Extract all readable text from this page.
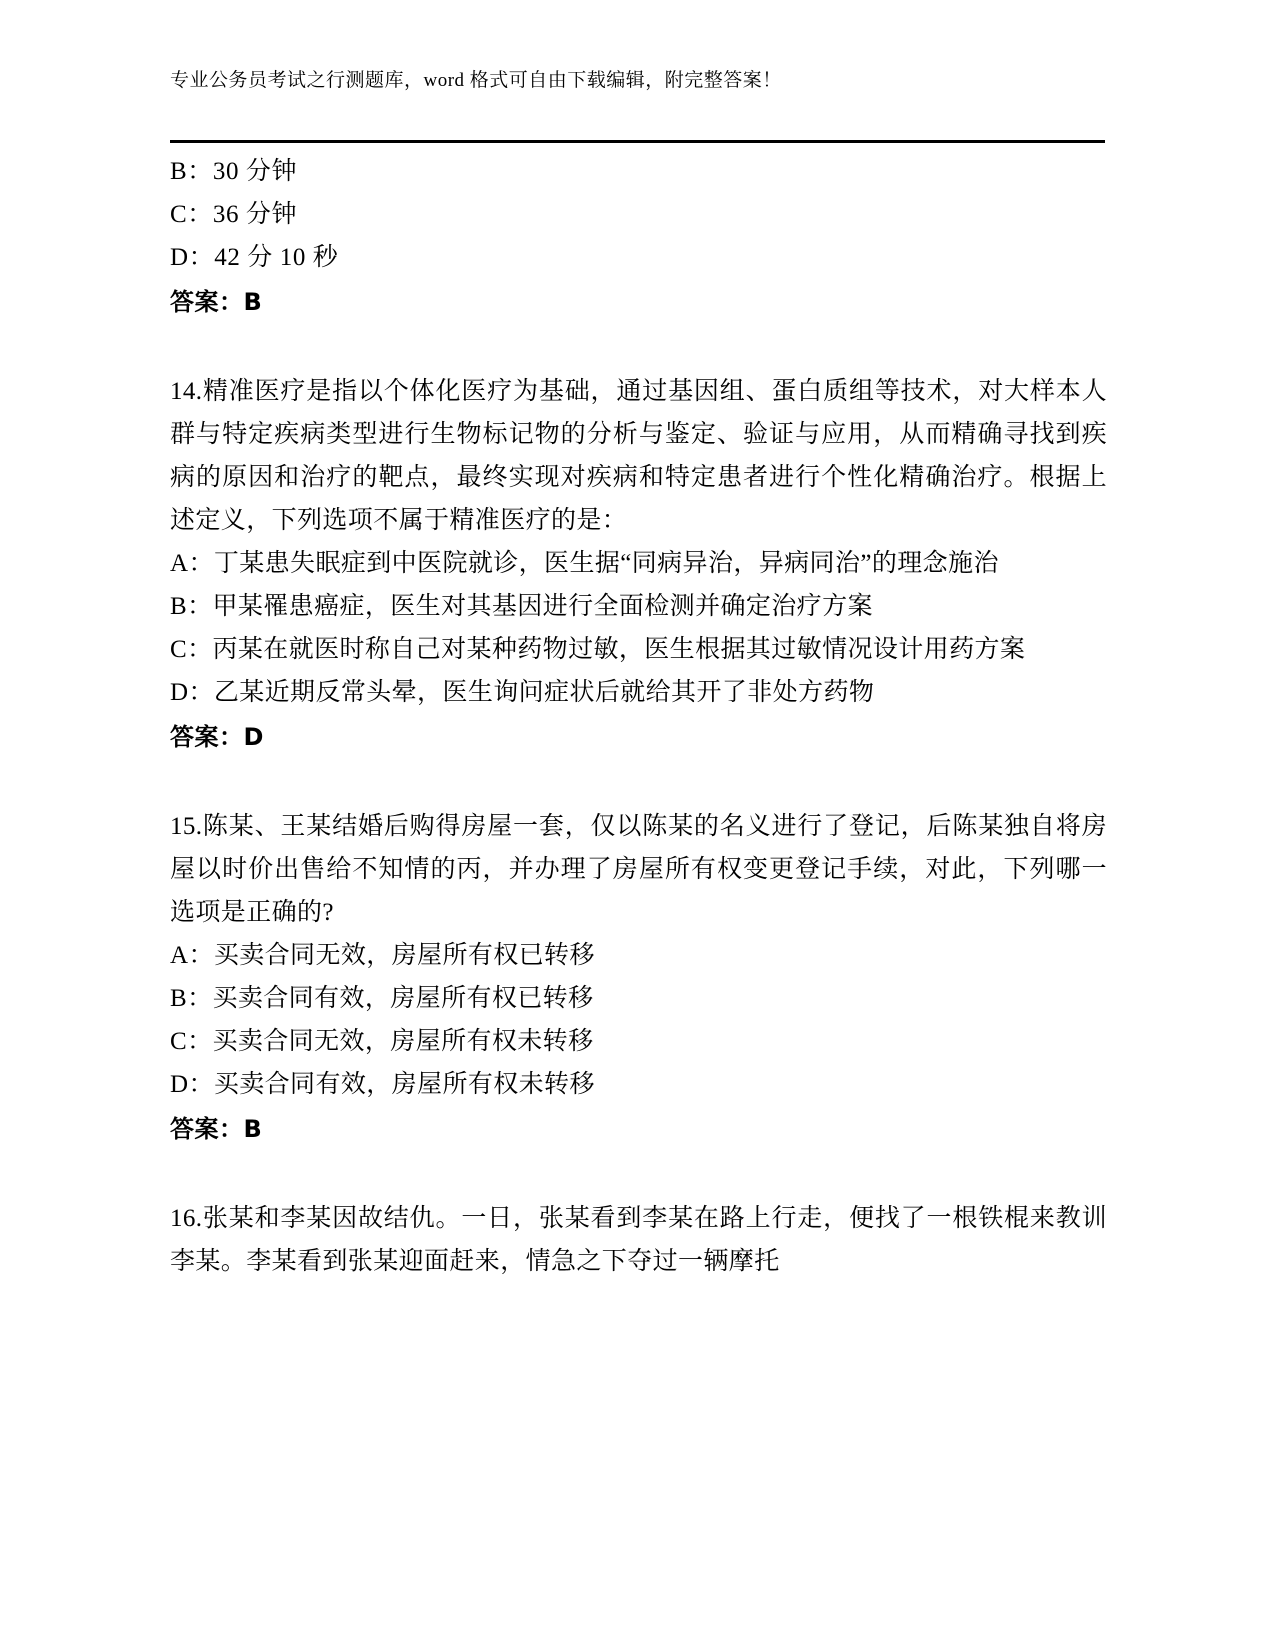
专业公务员考试之行测题库，word 格式可自由下载编辑，附完整答案！
B：30 分钟
C：36 分钟
D：42 分 10 秒
答案：B
14.精准医疗是指以个体化医疗为基础，通过基因组、蛋白质组等技术，对大样本人群与特定疾病类型进行生物标记物的分析与鉴定、验证与应用，从而精确寻找到疾病的原因和治疗的靶点，最终实现对疾病和特定患者进行个性化精确治疗。根据上述定义，下列选项不属于精准医疗的是：
A：丁某患失眠症到中医院就诊，医生据“同病异治，异病同治”的理念施治
B：甲某罹患癌症，医生对其基因进行全面检测并确定治疗方案
C：丙某在就医时称自己对某种药物过敏，医生根据其过敏情况设计用药方案
D：乙某近期反常头晕，医生询问症状后就给其开了非处方药物
答案：D
15.陈某、王某结婚后购得房屋一套，仅以陈某的名义进行了登记，后陈某独自将房屋以时价出售给不知情的丙，并办理了房屋所有权变更登记手续，对此，下列哪一选项是正确的?
A：买卖合同无效，房屋所有权已转移
B：买卖合同有效，房屋所有权已转移
C：买卖合同无效，房屋所有权未转移
D：买卖合同有效，房屋所有权未转移
答案：B
16.张某和李某因故结仇。一日，张某看到李某在路上行走，便找了一根铁棍来教训李某。李某看到张某迎面赶来，情急之下夺过一辆摩托
